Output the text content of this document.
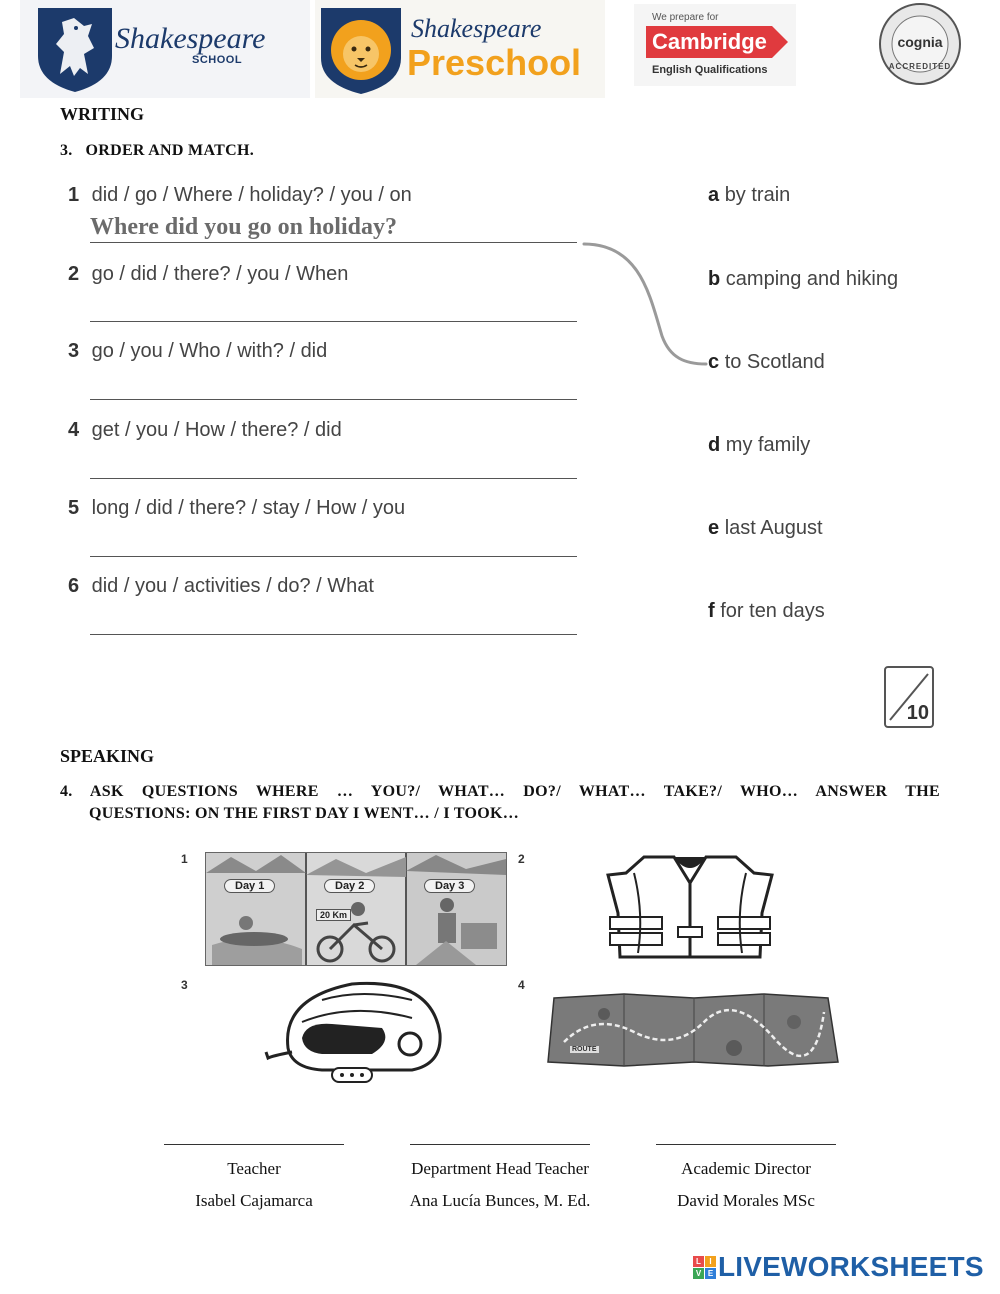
Shakespeare
SCHOOL
Shakespeare
Preschool
We prepare for
Cambridge
English Qualifications
cognia
ACCREDITED
WRITING
3.   ORDER AND MATCH.
1 did / go / Where / holiday? / you / on
Where did you go on holiday?
2 go / did / there? / you / When
3 go / you / Who / with? / did
4 get / you / How / there? / did
5 long / did / there? / stay / How / you
6 did / you / activities / do? / What
a by train
b camping and hiking
c to Scotland
d my family
e last August
f for ten days
10
SPEAKING
4. ASK QUESTIONS WHERE … YOU?/ WHAT… DO?/ WHAT… TAKE?/ WHO… ANSWER THE
QUESTIONS: ON THE FIRST DAY I WENT… / I TOOK…
1
Day 1	Day 2	Day 3
20 Km
2
3	4
ROUTE
Teacher	Department Head Teacher	Academic Director
Isabel Cajamarca	Ana Lucía Bunces, M. Ed.	David Morales MSc
L	I
V E LIVEWORKSHEETS
